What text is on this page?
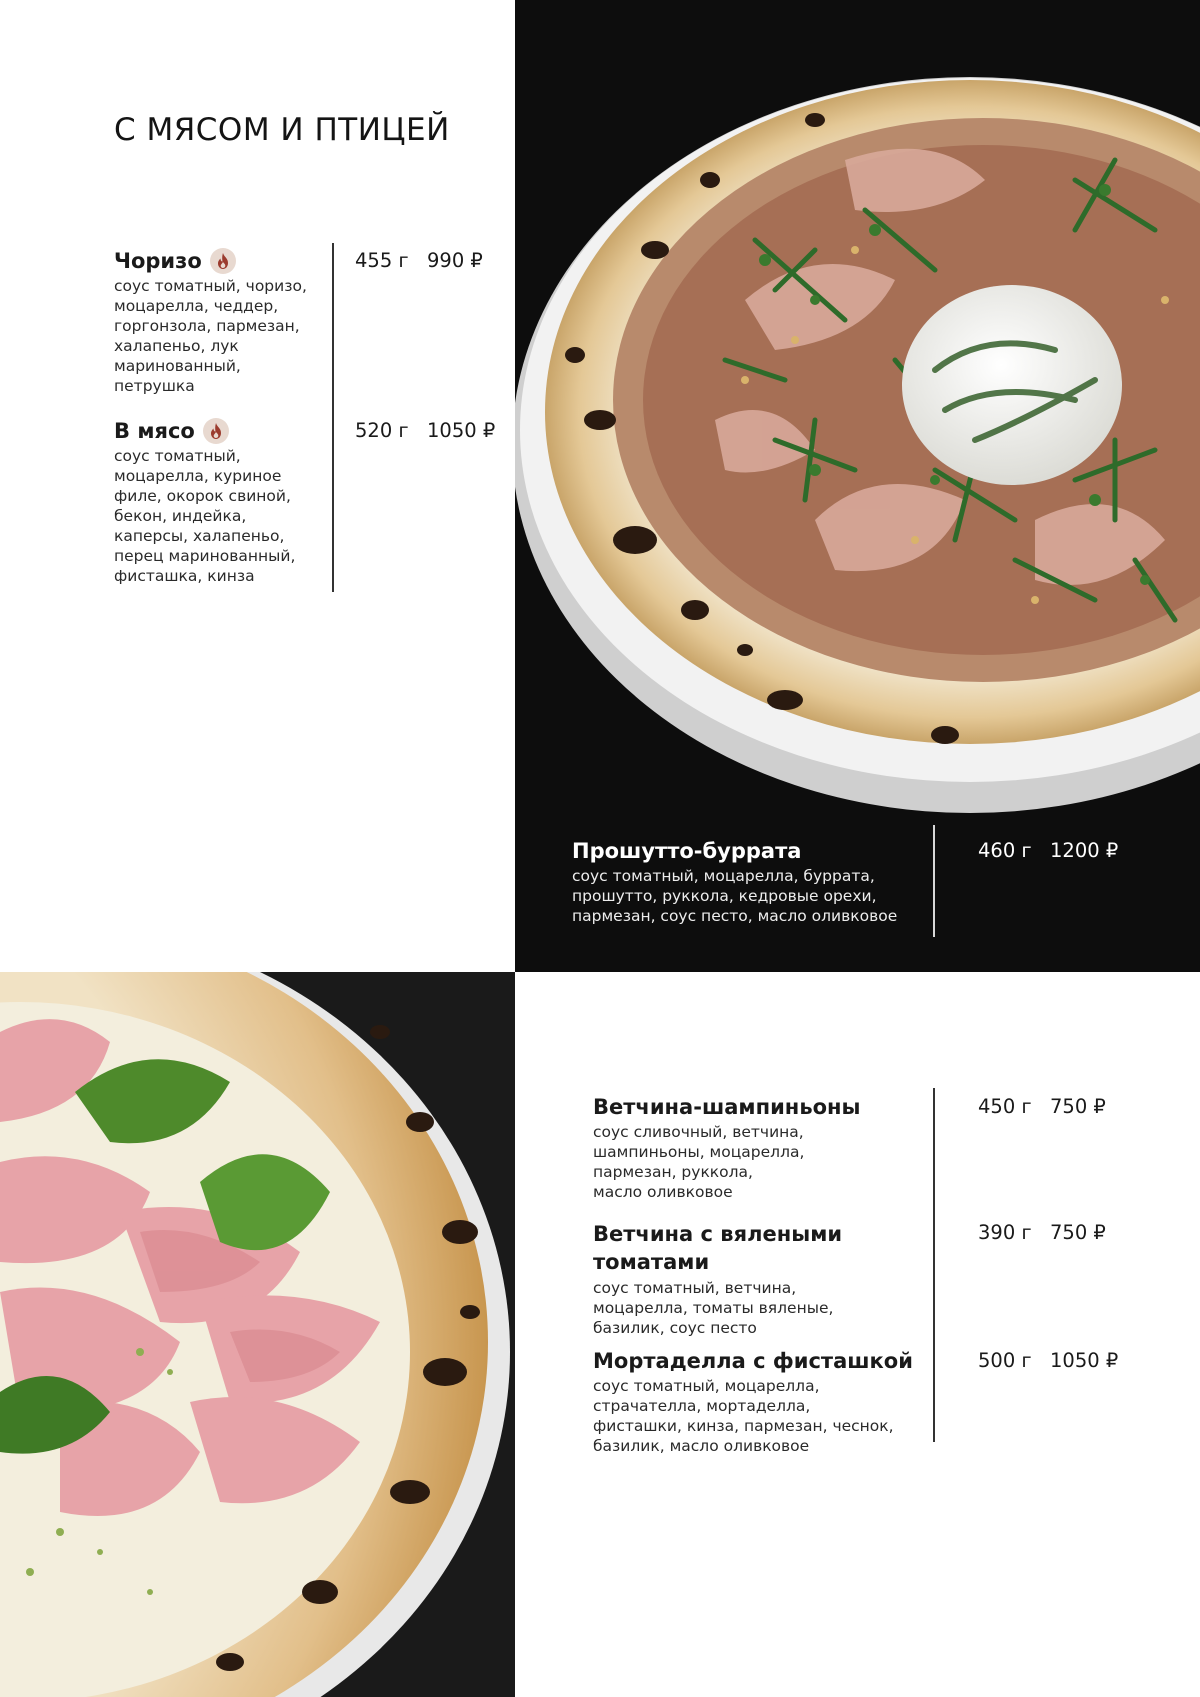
С МЯСОМ И ПТИЦЕЙ
Чоризо
соус томатный, чоризо,
моцарелла, чеддер,
горгонзола, пармезан,
халапеньо, лук
маринованный,
петрушка
455 г 990 ₽
В мясо
соус томатный,
моцарелла, куриное
филе, окорок свиной,
бекон, индейка,
каперсы, халапеньо,
перец маринованный,
фисташка, кинза
520 г 1050 ₽
Прошутто-буррата
соус томатный, моцарелла, буррата,
прошутто, руккола, кедровые орехи,
пармезан, соус песто, масло оливковое
460 г 1200 ₽
Ветчина-шампиньоны
соус сливочный, ветчина,
шампиньоны, моцарелла,
пармезан, руккола,
масло оливковое
450 г 750 ₽
Ветчина с вялеными
томатами
соус томатный, ветчина,
моцарелла, томаты вяленые,
базилик, соус песто
390 г 750 ₽
Мортаделла с фисташкой
соус томатный, моцарелла,
страчателла, мортаделла,
фисташки, кинза, пармезан, чеснок,
базилик, масло оливковое
500 г 1050 ₽
